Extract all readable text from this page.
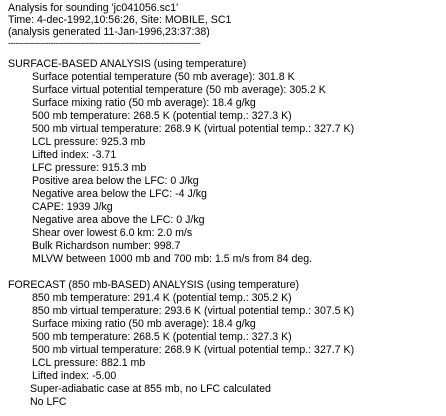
Analysis for sounding 'jc041056.sc1'
Time: 4-dec-1992,10:56:26, Site: MOBILE, SC1
(analysis generated 11-Jan-1996,23:37:38)
-----------------------------------------------------------------------------
SURFACE-BASED ANALYSIS (using temperature)
Surface potential temperature (50 mb average): 301.8 K
Surface virtual potential temperature (50 mb average): 305.2 K
Surface mixing ratio (50 mb average): 18.4 g/kg
500 mb temperature: 268.5 K (potential temp.: 327.3 K)
500 mb virtual temperature: 268.9 K (virtual potential temp.: 327.7 K)
LCL pressure: 925.3 mb
Lifted index: -3.71
LFC pressure: 915.3 mb
Positive area below the LFC: 0 J/kg
Negative area below the LFC: -4 J/kg
CAPE: 1939 J/kg
Negative area above the LFC: 0 J/kg
Shear over lowest 6.0 km: 2.0 m/s
Bulk Richardson number: 998.7
MLVW between 1000 mb and 700 mb: 1.5 m/s from 84 deg.
FORECAST (850 mb-BASED) ANALYSIS (using temperature)
850 mb temperature: 291.4 K (potential temp.: 305.2 K)
850 mb virtual temperature: 293.6 K (virtual potential temp.: 307.5 K)
Surface mixing ratio (50 mb average): 18.4 g/kg
500 mb temperature: 268.5 K (potential temp.: 327.3 K)
500 mb virtual temperature: 268.9 K (virtual potential temp.: 327.7 K)
LCL pressure: 882.1 mb
Lifted index: -5.00
Super-adiabatic case at 855 mb, no LFC calculated
No LFC
